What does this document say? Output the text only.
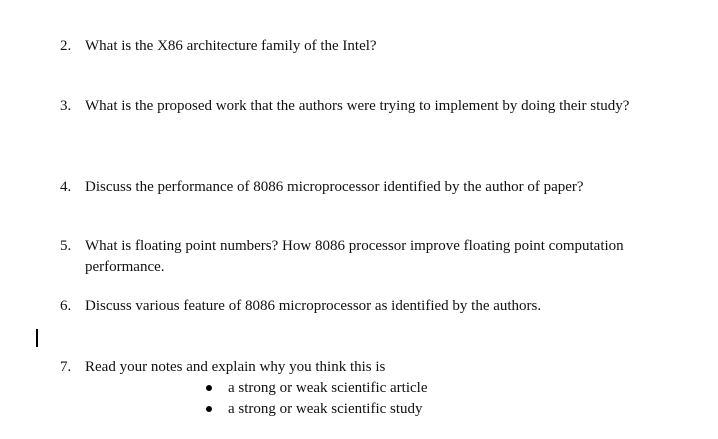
2. What is the X86 architecture family of the Intel?
3. What is the proposed work that the authors were trying to implement by doing their study?
4. Discuss the performance of 8086 microprocessor identified by the author of paper?
5. What is floating point numbers? How 8086 processor improve floating point computation performance.
6. Discuss various feature of 8086 microprocessor as identified by the authors.
7. Read your notes and explain why you think this is
a strong or weak scientific article
a strong or weak scientific study
